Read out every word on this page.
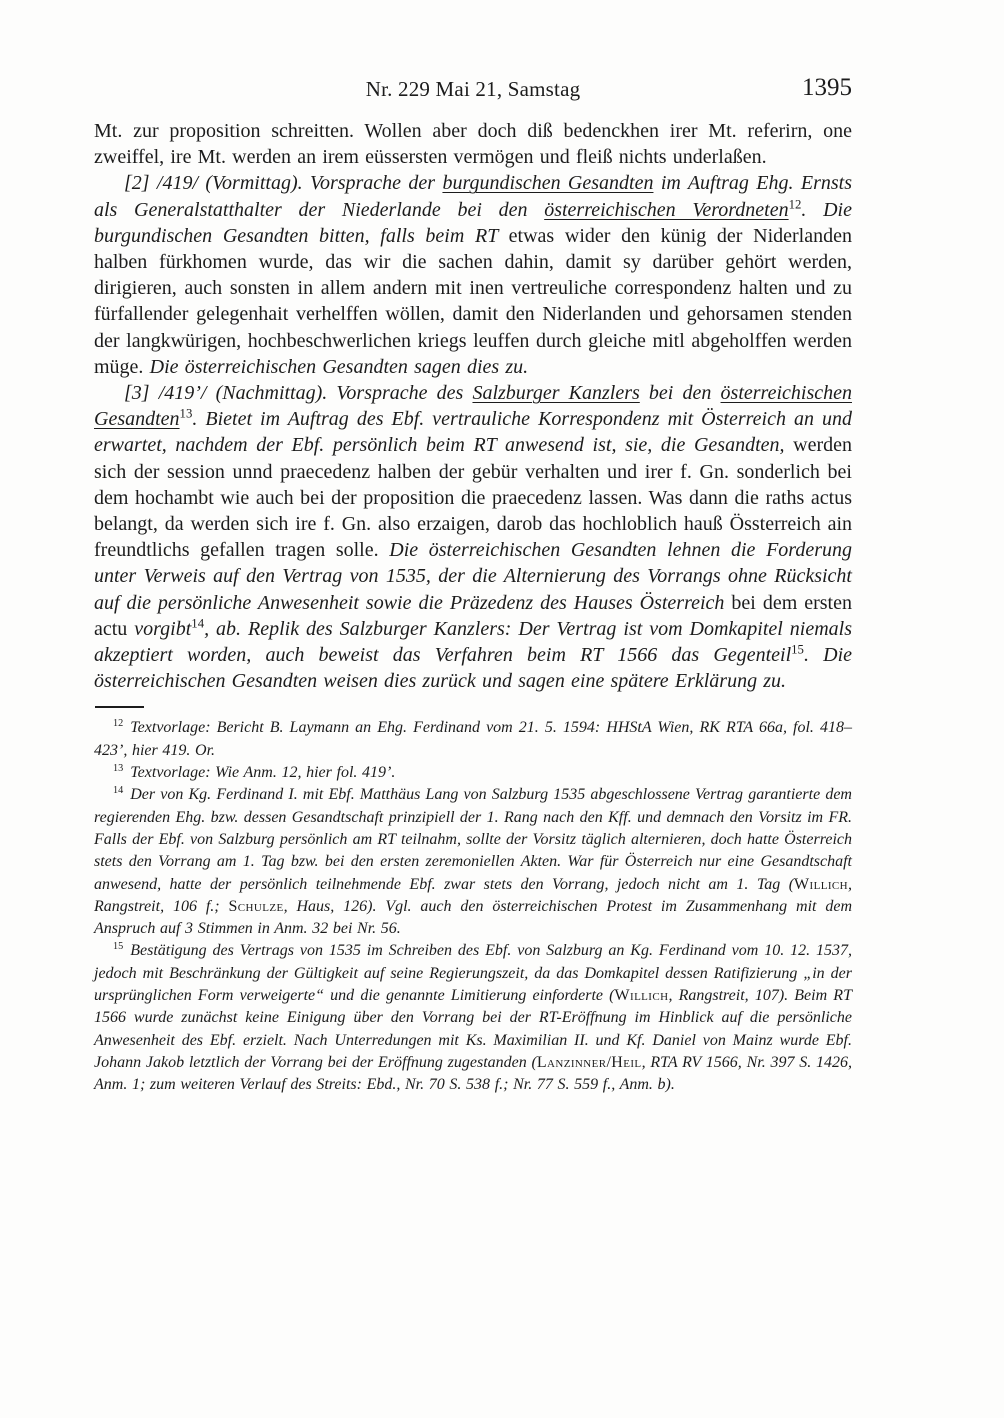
Nr. 229 Mai 21, Samstag	1395

Mt. zur proposition schreitten. Wollen aber doch diß bedenckhen irer Mt. referirn, one zweiffel, ire Mt. werden an irem eüssersten vermögen und fleiß nichts underlaßen.

[2] /419/ (Vormittag). Vorsprache der burgundischen Gesandten im Auftrag Ehg. Ernsts als Generalstatthalter der Niederlande bei den österreichischen Verordneten$^{12}$. Die burgundischen Gesandten bitten, falls beim RT etwas wider den künig der Niderlanden halben fürkhomen wurde, das wir die sachen dahin, damit sy darüber gehört werden, dirigieren, auch sonsten in allem andern mit inen vertreuliche correspondenz halten und zu fürfallender gelegenhait verhelffen wöllen, damit den Niderlanden und gehorsamen stenden der langkwürigen, hochbeschwerlichen kriegs leuffen durch gleiche mitl abgeholffen werden müge. Die österreichischen Gesandten sagen dies zu.

[3] /419’/ (Nachmittag). Vorsprache des Salzburger Kanzlers bei den österreichischen Gesandten$^{13}$. Bietet im Auftrag des Ebf. vertrauliche Korrespondenz mit Österreich an und erwartet, nachdem der Ebf. persönlich beim RT anwesend ist, sie, die Gesandten, werden sich der session unnd praecedenz halben der gebür verhalten und irer f. Gn. sonderlich bei dem hochambt wie auch bei der proposition die praecedenz lassen. Was dann die raths actus belangt, da werden sich ire f. Gn. also erzaigen, darob das hochloblich hauß Össterreich ain freundtlichs gefallen tragen solle. Die österreichischen Gesandten lehnen die Forderung unter Verweis auf den Vertrag von 1535, der die Alternierung des Vorrangs ohne Rücksicht auf die persönliche Anwesenheit sowie die Präzedenz des Hauses Österreich bei dem ersten actu vorgibt$^{14}$, ab. Replik des Salzburger Kanzlers: Der Vertrag ist vom Domkapitel niemals akzeptiert worden, auch beweist das Verfahren beim RT 1566 das Gegenteil$^{15}$. Die österreichischen Gesandten weisen dies zurück und sagen eine spätere Erklärung zu.

$^{12}$ Textvorlage: Bericht B. Laymann an Ehg. Ferdinand vom 21. 5. 1594: HHStA Wien, RK RTA 66a, fol. 418–423’, hier 419. Or.

$^{13}$ Textvorlage: Wie Anm. 12, hier fol. 419’.

$^{14}$ Der von Kg. Ferdinand I. mit Ebf. Matthäus Lang von Salzburg 1535 abgeschlossene Vertrag garantierte dem regierenden Ehg. bzw. dessen Gesandtschaft prinzipiell der 1. Rang nach den Kff. und demnach den Vorsitz im FR. Falls der Ebf. von Salzburg persönlich am RT teilnahm, sollte der Vorsitz täglich alternieren, doch hatte Österreich stets den Vorrang am 1. Tag bzw. bei den ersten zeremoniellen Akten. War für Österreich nur eine Gesandtschaft anwesend, hatte der persönlich teilnehmende Ebf. zwar stets den Vorrang, jedoch nicht am 1. Tag (Willich, Rangstreit, 106 f.; Schulze, Haus, 126). Vgl. auch den österreichischen Protest im Zusammenhang mit dem Anspruch auf 3 Stimmen in Anm. 32 bei Nr. 56.

$^{15}$ Bestätigung des Vertrags von 1535 im Schreiben des Ebf. von Salzburg an Kg. Ferdinand vom 10. 12. 1537, jedoch mit Beschränkung der Gültigkeit auf seine Regierungszeit, da das Domkapitel dessen Ratifizierung „in der ursprünglichen Form verweigerte“ und die genannte Limitierung einforderte (Willich, Rangstreit, 107). Beim RT 1566 wurde zunächst keine Einigung über den Vorrang bei der RT-Eröffnung im Hinblick auf die persönliche Anwesenheit des Ebf. erzielt. Nach Unterredungen mit Ks. Maximilian II. und Kf. Daniel von Mainz wurde Ebf. Johann Jakob letztlich der Vorrang bei der Eröffnung zugestanden (Lanzinner/Heil, RTA RV 1566, Nr. 397 S. 1426, Anm. 1; zum weiteren Verlauf des Streits: Ebd., Nr. 70 S. 538 f.; Nr. 77 S. 559 f., Anm. b).
